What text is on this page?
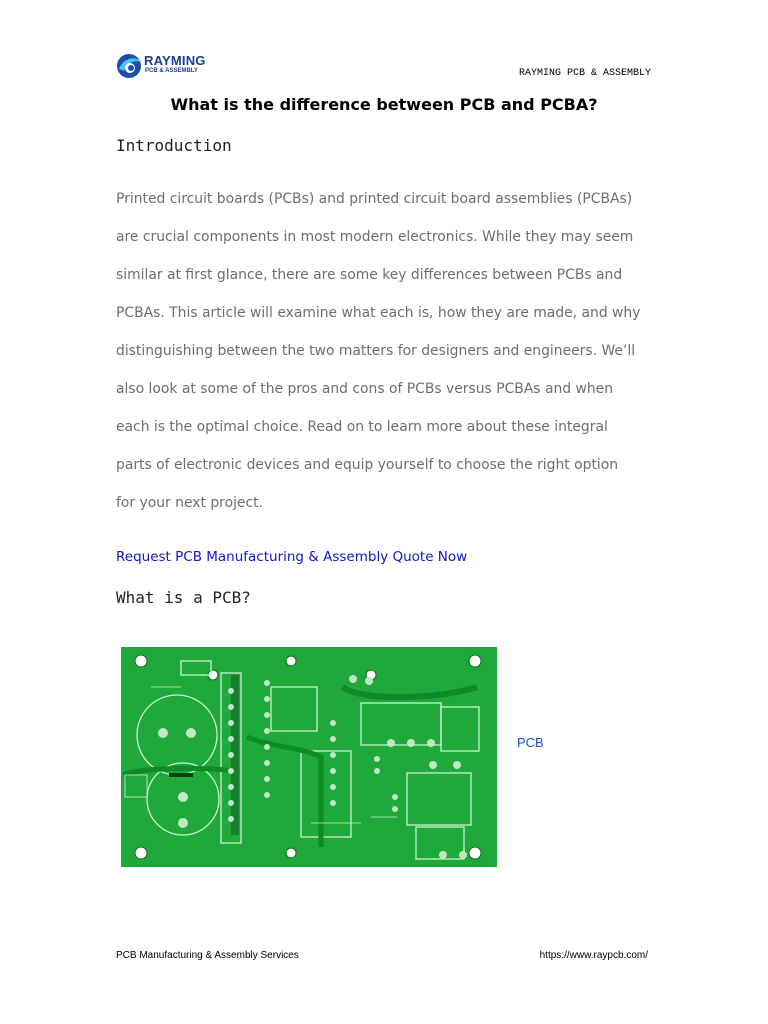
RAYMING
PCB & ASSEMBLY	RAYMING PCB & ASSEMBLY
What is the difference between PCB and PCBA?
Introduction

Printed circuit boards (PCBs) and printed circuit board assemblies (PCBAs)
are crucial components in most modern electronics. While they may seem
similar at first glance, there are some key differences between PCBs and
PCBAs. This article will examine what each is, how they are made, and why
distinguishing between the two matters for designers and engineers. We’ll
also look at some of the pros and cons of PCBs versus PCBAs and when
each is the optimal choice. Read on to learn more about these integral
parts of electronic devices and equip yourself to choose the right option
for your next project.

Request PCB Manufacturing & Assembly Quote Now
What is a PCB?
PCB
PCB Manufacturing & Assembly Services	https://www.raypcb.com/
